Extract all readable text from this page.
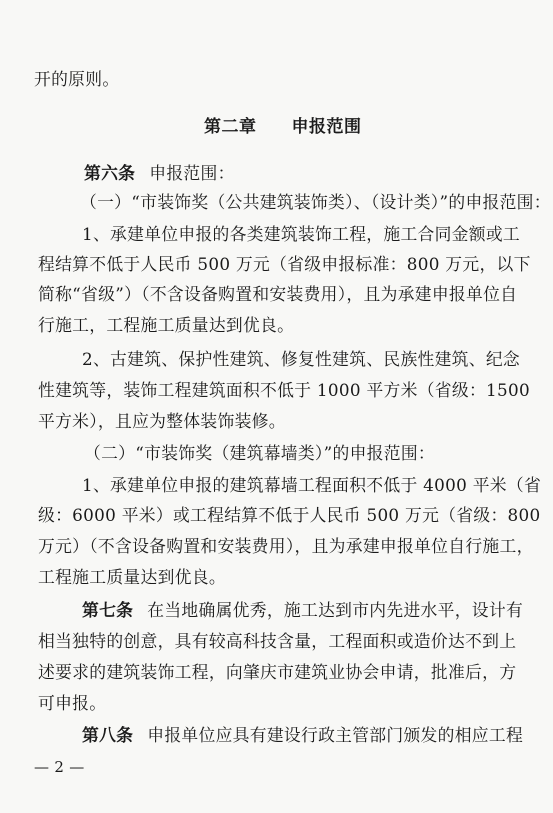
开的原则。
第二章　　申报范围
第六条 申报范围：
（一）“市装饰奖（公共建筑装饰类）、（设计类）”的申报范围：
1、承建单位申报的各类建筑装饰工程，施工合同金额或工
程结算不低于人民币 500 万元（省级申报标准：800 万元，以下
简称“省级”）（不含设备购置和安装费用），且为承建申报单位自
行施工，工程施工质量达到优良。
2、古建筑、保护性建筑、修复性建筑、民族性建筑、纪念
性建筑等，装饰工程建筑面积不低于 1000 平方米（省级：1500
平方米），且应为整体装饰装修。
（二）“市装饰奖（建筑幕墙类）”的申报范围：
1、承建单位申报的建筑幕墙工程面积不低于 4000 平米（省
级：6000 平米）或工程结算不低于人民币 500 万元（省级：800
万元）（不含设备购置和安装费用），且为承建申报单位自行施工，
工程施工质量达到优良。
第七条 在当地确属优秀，施工达到市内先进水平，设计有
相当独特的创意，具有较高科技含量，工程面积或造价达不到上
述要求的建筑装饰工程，向肇庆市建筑业协会申请，批准后，方
可申报。
第八条 申报单位应具有建设行政主管部门颁发的相应工程
— 2 —
